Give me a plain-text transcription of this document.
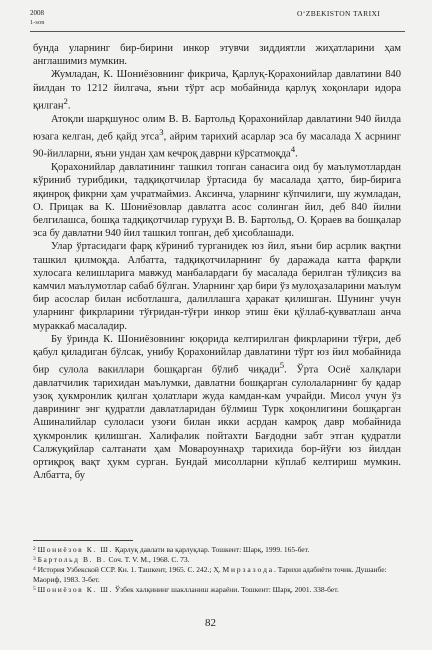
2008
1-son
O‘ZBEKISTON TARIXI

бунда уларнинг бир-бирини инкор этувчи зиддиятли жиҳатларини ҳам англашимиз мумкин.

Жумладан, К. Шониёзовнинг фикрича, Қарлуқ-Қорахонийлар давлатини 840 йилдан то 1212 йилгача, яъни тўрт аср мобайнида қарлуқ хоқонлари идора қилган$^2$.

Атоқли шарқшунос олим В. В. Бартольд Қорахонийлар давлатини 940 йилда юзага келган, деб қайд этса$^3$, айрим тарихий асарлар эса бу масалада X асрнинг 90-йилларни, яъни ундан ҳам кечроқ даврни кўрсатмоқда$^4$.

Қорахонийлар давлатининг ташкил топган санасига оид бу маълумотлардан кўриниб турибдики, тадқиқотчилар ўртасида бу масалада ҳатто, бир-бирига яқинроқ фикрни ҳам учратмаймиз. Аксинча, уларнинг кўпчилиги, шу жумладан, О. Прицак ва К. Шониёзовлар давлатга асос солинган йил, деб 840 йилни белгилашса, бошқа тадқиқотчилар гуруҳи В. В. Бартольд, О. Қораев ва бошқалар эса бу давлатни 940 йил ташкил топган, деб ҳисоблашади.

Улар ўртасидаги фарқ кўриниб турганидек юз йил, яъни бир асрлик вақтни ташкил қилмоқда. Албатта, тадқиқотчиларнинг бу даражада катта фарқли хулосага келишларига мавжуд манбалардаги бу масалада берилган тўлиқсиз ва камчил маълумотлар сабаб бўлган. Уларнинг ҳар бири ўз мулоҳазаларини маълум бир асослар билан исботлашга, далиллашга ҳаракат қилишган. Шунинг учун уларнинг фикрларини тўғридан-тўғри инкор этиш ёки қўллаб-қувватлаш анча мураккаб масаладир.

Бу ўринда К. Шониёзовнинг юқорида келтирилган фикрларини тўғри, деб қабул қиладиган бўлсак, унибу Қорахонийлар давлатини тўрт юз йил мобайнида бир сулола вакиллари бошқарган бўлиб чиқади$^5$. Ўрта Осиё халқлари давлатчилик тарихидан маълумки, давлатни бошқарган сулолаларнинг бу қадар узоқ ҳукмронлик қилган ҳолатлари жуда камдан-кам учрайди. Мисол учун ўз даврининг энг қудратли давлатларидан бўлмиш Турк хоқонлигини бошқарган Ашиналийлар сулоласи узоғи билан икки асрдан камроқ давр мобайнида ҳукмронлик қилишган. Халифалик пойтахти Бағдодни забт этган қудратли Салжуқийлар салтанати ҳам Мовароуннаҳр тарихида бор-йўғи юз йилдан ортиқроқ вақт ҳукм сурган. Бундай мисолларни кўплаб келтириш мумкин. Албатта, бу

$^2$ Шониёзов К. Ш. Қарлуқ давлати ва қарлуқлар. Тошкент: Шарқ, 1999. 165-бет.
$^3$ Бартольд В. В. Соч. Т. V. М., 1968. С. 73.
$^4$ История Узбекской ССР. Кн. 1. Ташкент, 1965. С. 242.; Ҳ. М и р з а з о д а . Тарихи адабиёти точик. Душанбе: Маориф, 1983. 3-бет.
$^5$ Шониёзов К. Ш. Ўзбек халқининг шаклланиш жараёни. Тошкент: Шарқ, 2001. 338-бет.
82
